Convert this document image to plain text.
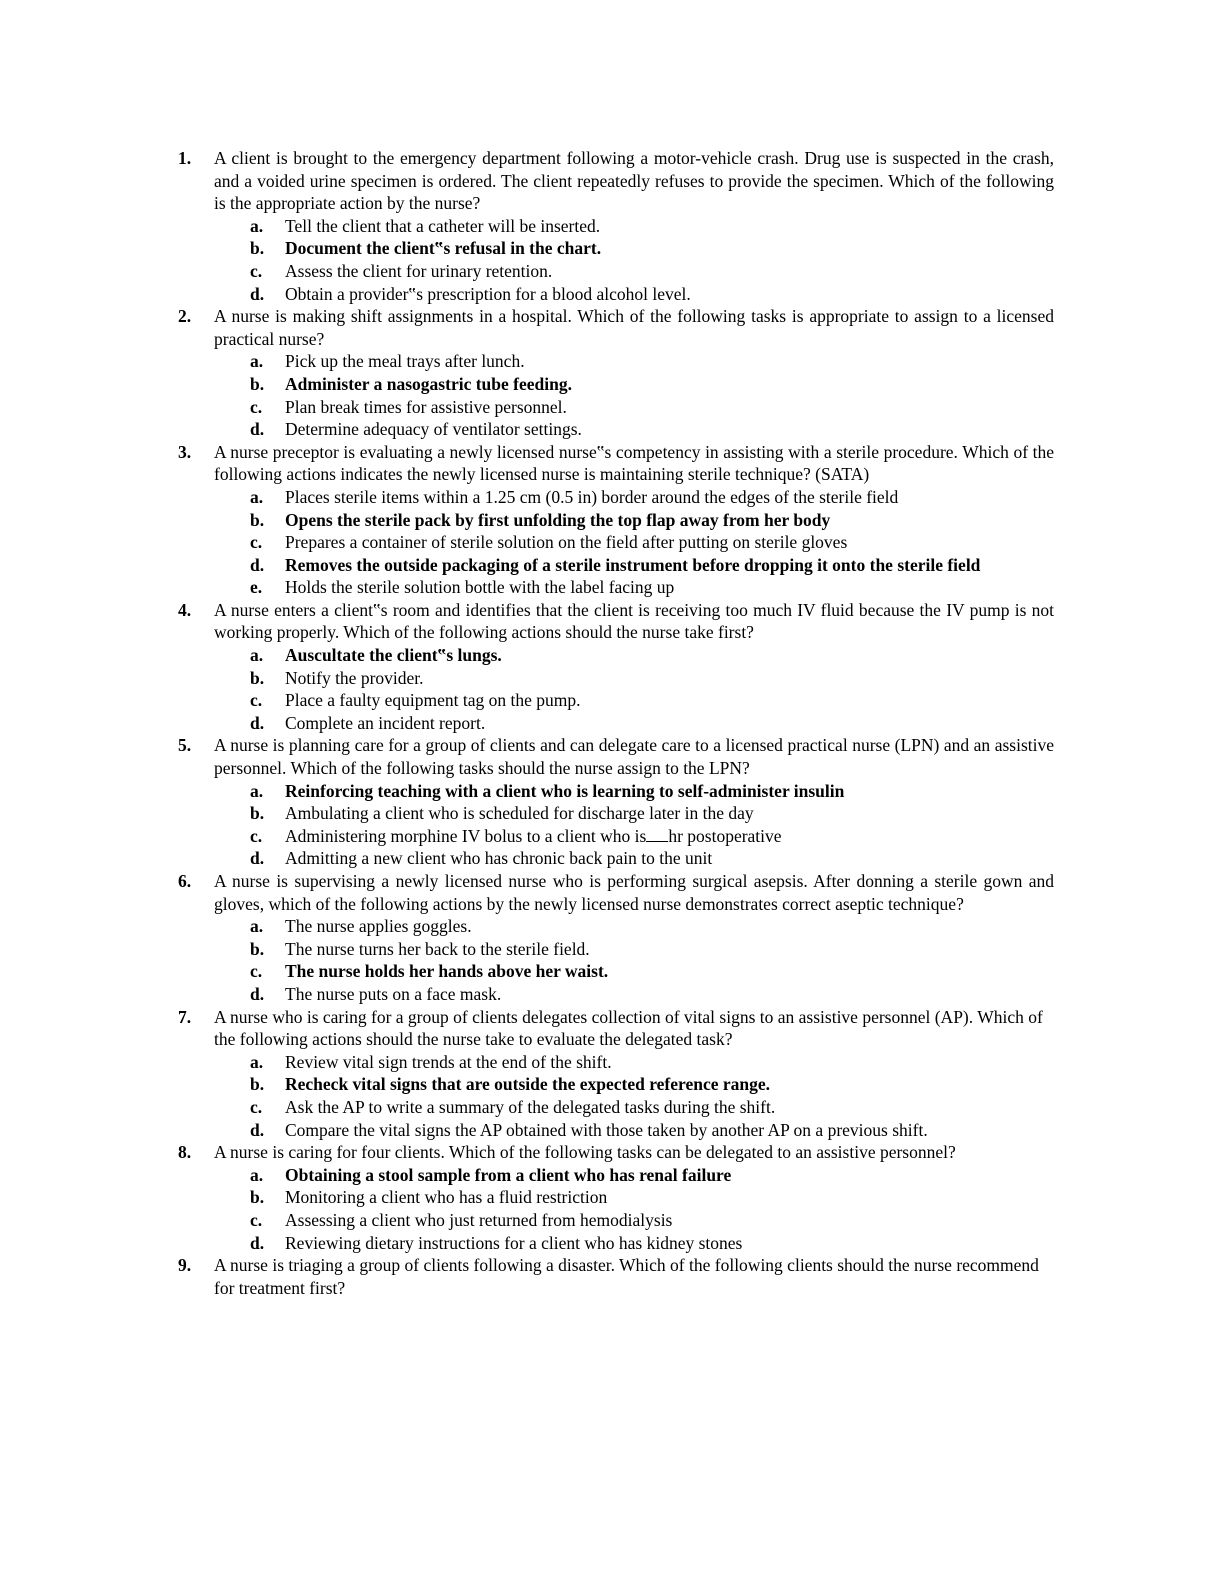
1. A client is brought to the emergency department following a motor-vehicle crash. Drug use is suspected in the crash, and a voided urine specimen is ordered. The client repeatedly refuses to provide the specimen. Which of the following is the appropriate action by the nurse?
a. Tell the client that a catheter will be inserted.
b. Document the client‟s refusal in the chart.
c. Assess the client for urinary retention.
d. Obtain a provider‟s prescription for a blood alcohol level.
2. A nurse is making shift assignments in a hospital. Which of the following tasks is appropriate to assign to a licensed practical nurse?
a. Pick up the meal trays after lunch.
b. Administer a nasogastric tube feeding.
c. Plan break times for assistive personnel.
d. Determine adequacy of ventilator settings.
3. A nurse preceptor is evaluating a newly licensed nurse‟s competency in assisting with a sterile procedure. Which of the following actions indicates the newly licensed nurse is maintaining sterile technique? (SATA)
a. Places sterile items within a 1.25 cm (0.5 in) border around the edges of the sterile field
b. Opens the sterile pack by first unfolding the top flap away from her body
c. Prepares a container of sterile solution on the field after putting on sterile gloves
d. Removes the outside packaging of a sterile instrument before dropping it onto the sterile field
e. Holds the sterile solution bottle with the label facing up
4. A nurse enters a client‟s room and identifies that the client is receiving too much IV fluid because the IV pump is not working properly. Which of the following actions should the nurse take first?
a. Auscultate the client‟s lungs.
b. Notify the provider.
c. Place a faulty equipment tag on the pump.
d. Complete an incident report.
5. A nurse is planning care for a group of clients and can delegate care to a licensed practical nurse (LPN) and an assistive personnel. Which of the following tasks should the nurse assign to the LPN?
a. Reinforcing teaching with a client who is learning to self-administer insulin
b. Ambulating a client who is scheduled for discharge later in the day
c. Administering morphine IV bolus to a client who is hr postoperative
d. Admitting a new client who has chronic back pain to the unit
6. A nurse is supervising a newly licensed nurse who is performing surgical asepsis. After donning a sterile gown and gloves, which of the following actions by the newly licensed nurse demonstrates correct aseptic technique?
a. The nurse applies goggles.
b. The nurse turns her back to the sterile field.
c. The nurse holds her hands above her waist.
d. The nurse puts on a face mask.
7. A nurse who is caring for a group of clients delegates collection of vital signs to an assistive personnel (AP). Which of the following actions should the nurse take to evaluate the delegated task?
a. Review vital sign trends at the end of the shift.
b. Recheck vital signs that are outside the expected reference range.
c. Ask the AP to write a summary of the delegated tasks during the shift.
d. Compare the vital signs the AP obtained with those taken by another AP on a previous shift.
8. A nurse is caring for four clients. Which of the following tasks can be delegated to an assistive personnel?
a. Obtaining a stool sample from a client who has renal failure
b. Monitoring a client who has a fluid restriction
c. Assessing a client who just returned from hemodialysis
d. Reviewing dietary instructions for a client who has kidney stones
9. A nurse is triaging a group of clients following a disaster. Which of the following clients should the nurse recommend for treatment first?
